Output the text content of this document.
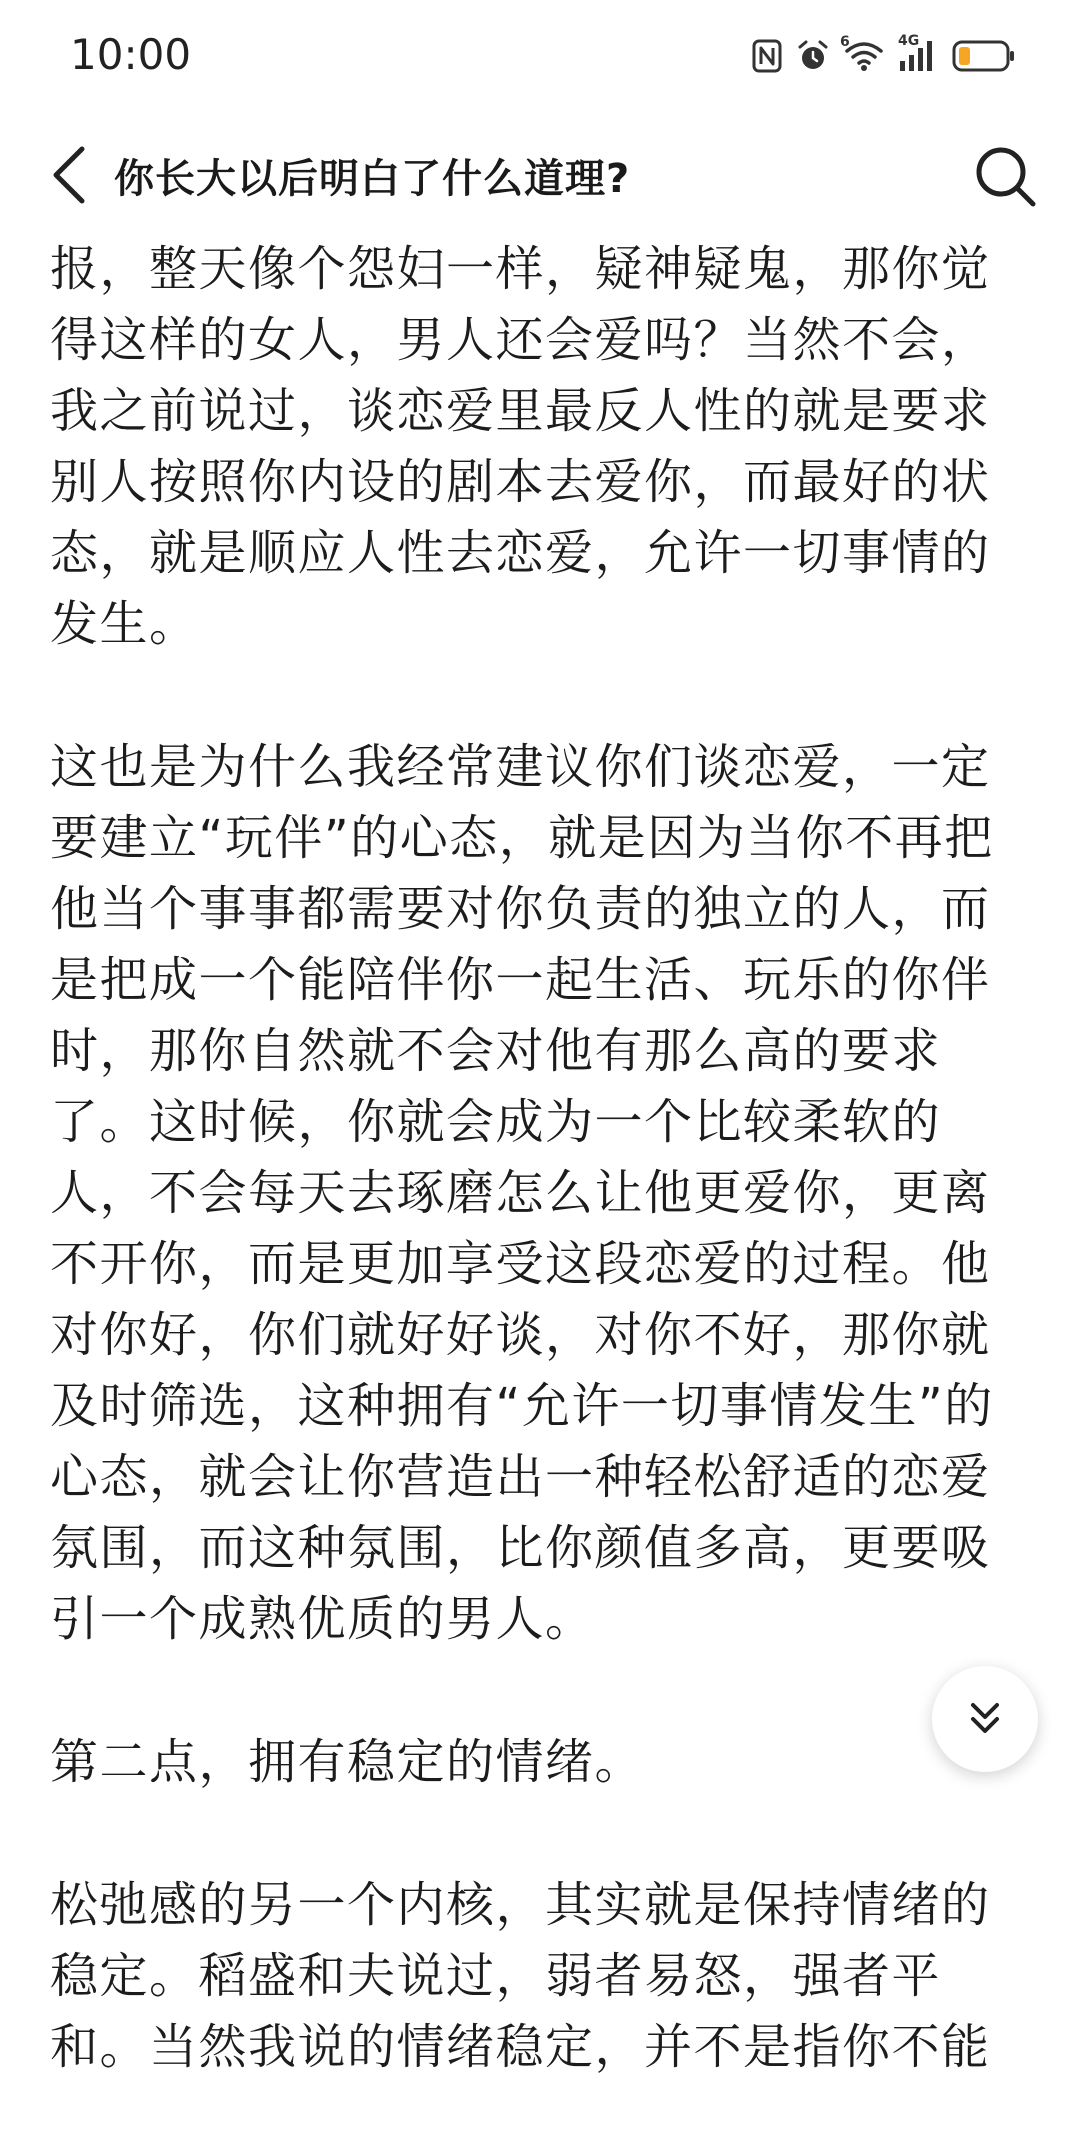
10:00	6	4G
你长大以后明白了什么道理?

报，整天像个怨妇一样，疑神疑鬼，那你觉
得这样的女人，男人还会爱吗？当然不会，
我之前说过，谈恋爱里最反人性的就是要求
别人按照你内设的剧本去爱你，而最好的状
态，就是顺应人性去恋爱，允许一切事情的
发生。

这也是为什么我经常建议你们谈恋爱，一定
要建立“玩伴”的心态，就是因为当你不再把
他当个事事都需要对你负责的独立的人，而
是把成一个能陪伴你一起生活、玩乐的你伴
时，那你自然就不会对他有那么高的要求
了。这时候，你就会成为一个比较柔软的
人，不会每天去琢磨怎么让他更爱你，更离
不开你，而是更加享受这段恋爱的过程。他
对你好，你们就好好谈，对你不好，那你就
及时筛选，这种拥有“允许一切事情发生”的
心态，就会让你营造出一种轻松舒适的恋爱
氛围，而这种氛围，比你颜值多高，更要吸
引一个成熟优质的男人。

第二点，拥有稳定的情绪。

松弛感的另一个内核，其实就是保持情绪的
稳定。稻盛和夫说过，弱者易怒，强者平
和。当然我说的情绪稳定，并不是指你不能
